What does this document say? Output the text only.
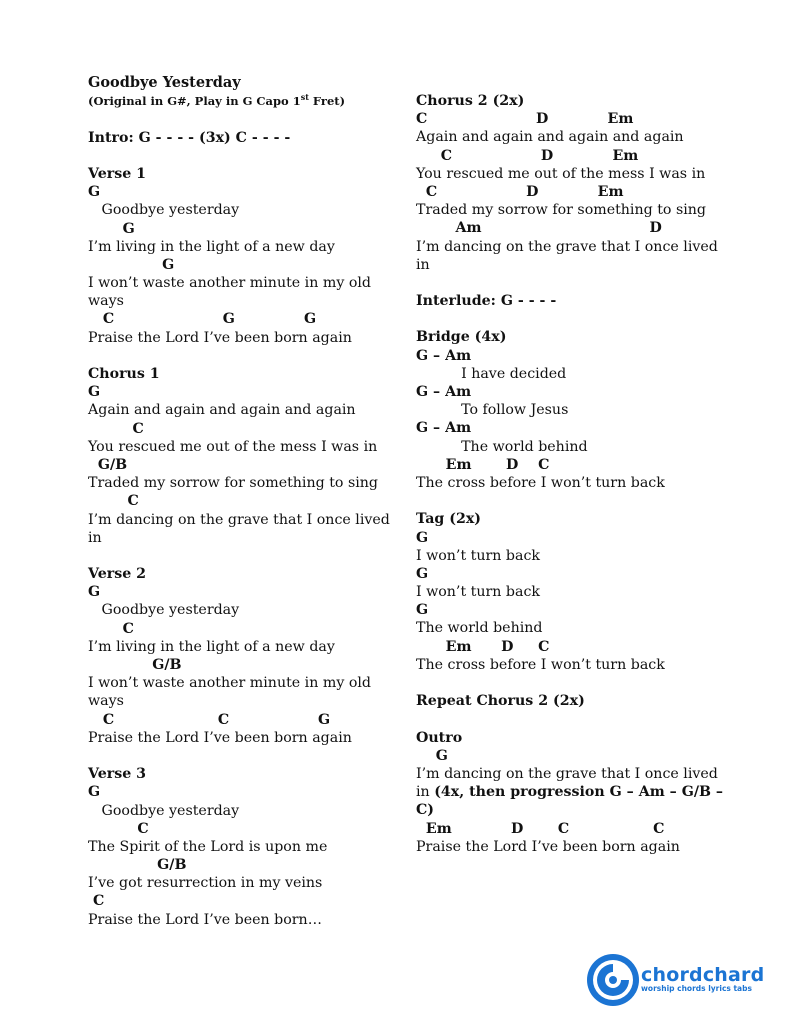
Goodbye Yesterday
(Original in G#, Play in G Capo 1st Fret)
Intro: G - - - - (3x) C - - - -
Verse 1
G
Goodbye yesterday
G
I’m living in the light of a new day
G
I won’t waste another minute in my old
ways
C                      G              G
Praise the Lord I’ve been born again
Chorus 1
G
Again and again and again and again
C
You rescued me out of the mess I was in
G/B
Traded my sorrow for something to sing
C
I’m dancing on the grave that I once lived
in
Verse 2
G
Goodbye yesterday
C
I’m living in the light of a new day
G/B
I won’t waste another minute in my old
ways
C                     C                  G
Praise the Lord I’ve been born again
Verse 3
G
Goodbye yesterday
C
The Spirit of the Lord is upon me
G/B
I’ve got resurrection in my veins
C
Praise the Lord I’ve been born…
Chorus 2 (2x)
C                      D            Em
Again and again and again and again
C                  D            Em
You rescued me out of the mess I was in
C                  D            Em
Traded my sorrow for something to sing
Am                                  D
I’m dancing on the grave that I once lived
in
Interlude: G - - - -
Bridge (4x)
G – Am
I have decided
G – Am
To follow Jesus
G – Am
The world behind
Em       D    C
The cross before I won’t turn back
Tag (2x)
G
I won’t turn back
G
I won’t turn back
G
The world behind
Em      D     C
The cross before I won’t turn back
Repeat Chorus 2 (2x)
Outro
G
I’m dancing on the grave that I once lived
in (4x, then progression G – Am – G/B –
C)
Em            D       C                 C
Praise the Lord I’ve been born again
chordchard
worship chords lyrics tabs
